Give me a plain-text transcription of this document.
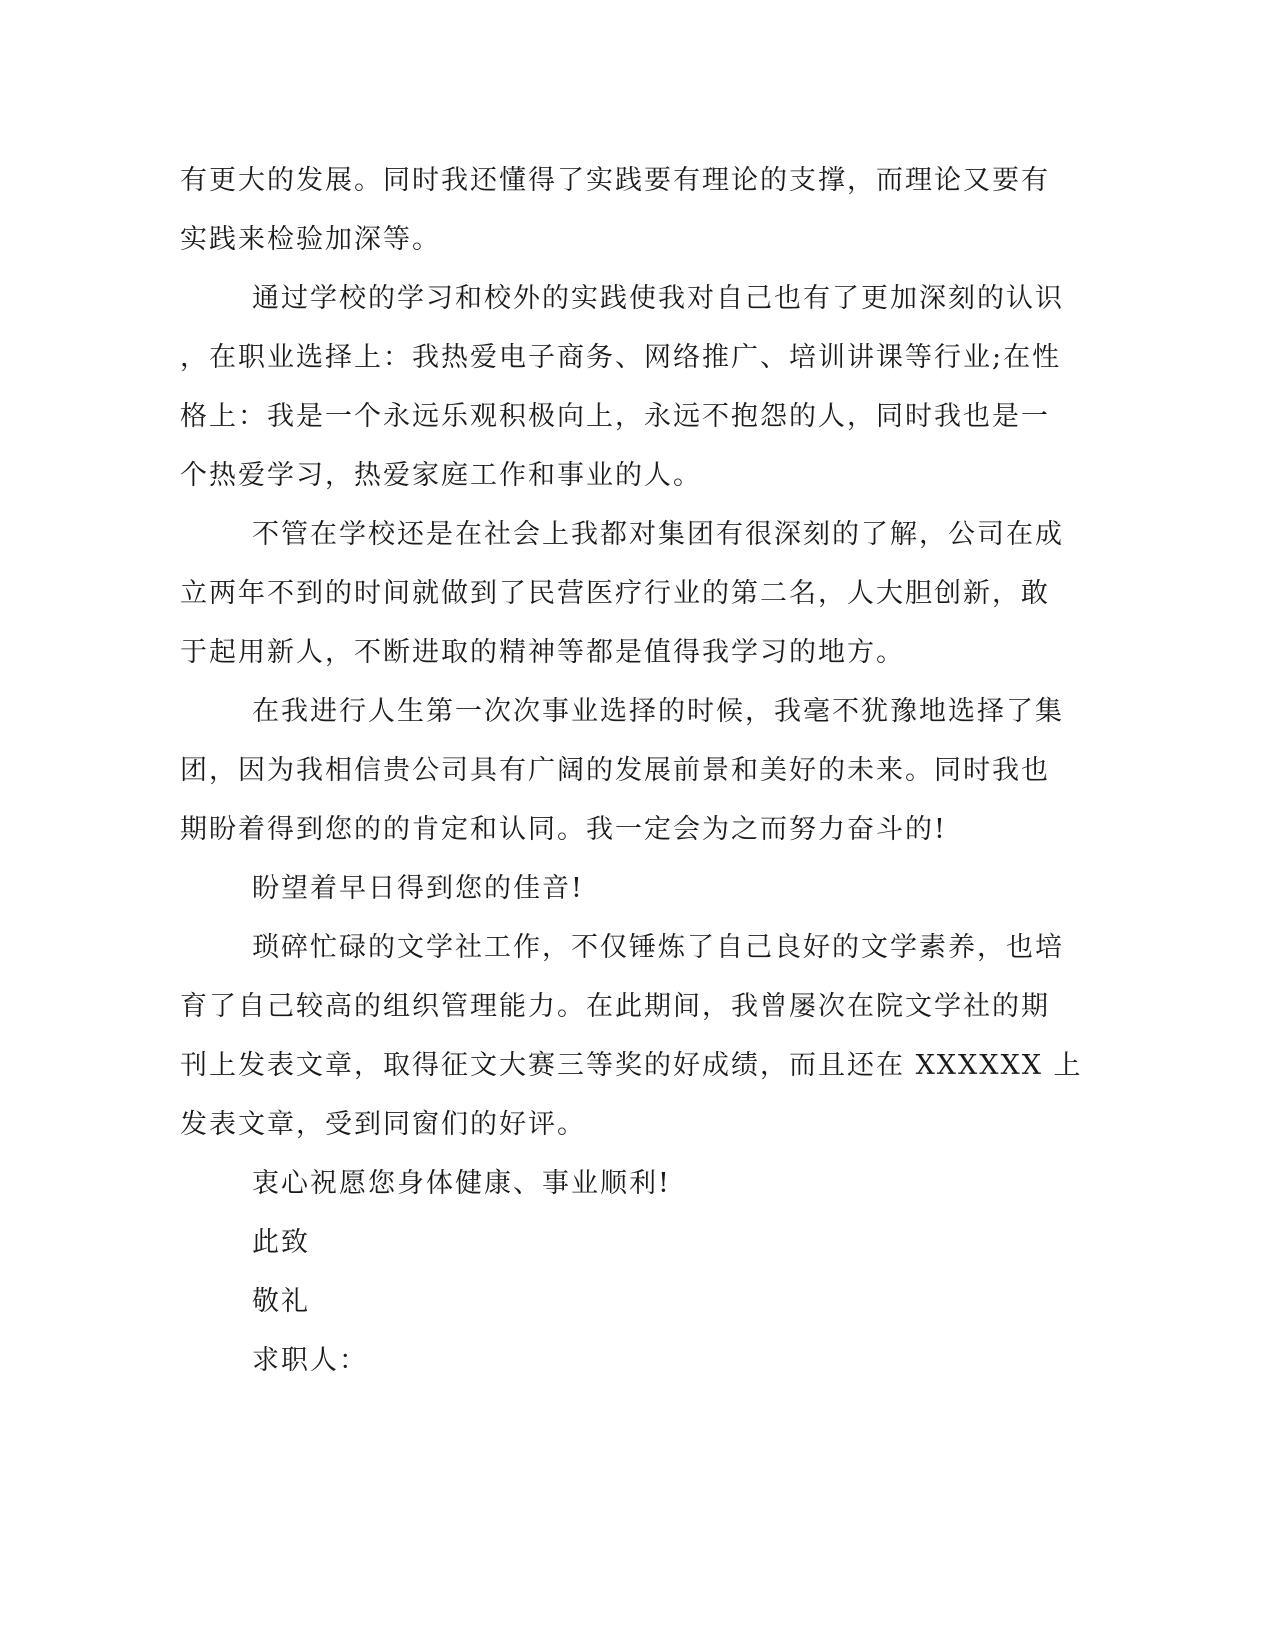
有更大的发展。同时我还懂得了实践要有理论的支撑，而理论又要有

实践来检验加深等。

通过学校的学习和校外的实践使我对自己也有了更加深刻的认识

，在职业选择上：我热爱电子商务、网络推广、培训讲课等行业;在性

格上：我是一个永远乐观积极向上，永远不抱怨的人，同时我也是一

个热爱学习，热爱家庭工作和事业的人。

不管在学校还是在社会上我都对集团有很深刻的了解，公司在成

立两年不到的时间就做到了民营医疗行业的第二名，人大胆创新，敢

于起用新人，不断进取的精神等都是值得我学习的地方。

在我进行人生第一次次事业选择的时候，我毫不犹豫地选择了集

团，因为我相信贵公司具有广阔的发展前景和美好的未来。同时我也

期盼着得到您的的肯定和认同。我一定会为之而努力奋斗的!

盼望着早日得到您的佳音!

琐碎忙碌的文学社工作，不仅锤炼了自己良好的文学素养，也培

育了自己较高的组织管理能力。在此期间，我曾屡次在院文学社的期

刊上发表文章，取得征文大赛三等奖的好成绩，而且还在 XXXXXX 上

发表文章，受到同窗们的好评。

衷心祝愿您身体健康、事业顺利!

此致

敬礼

求职人：
